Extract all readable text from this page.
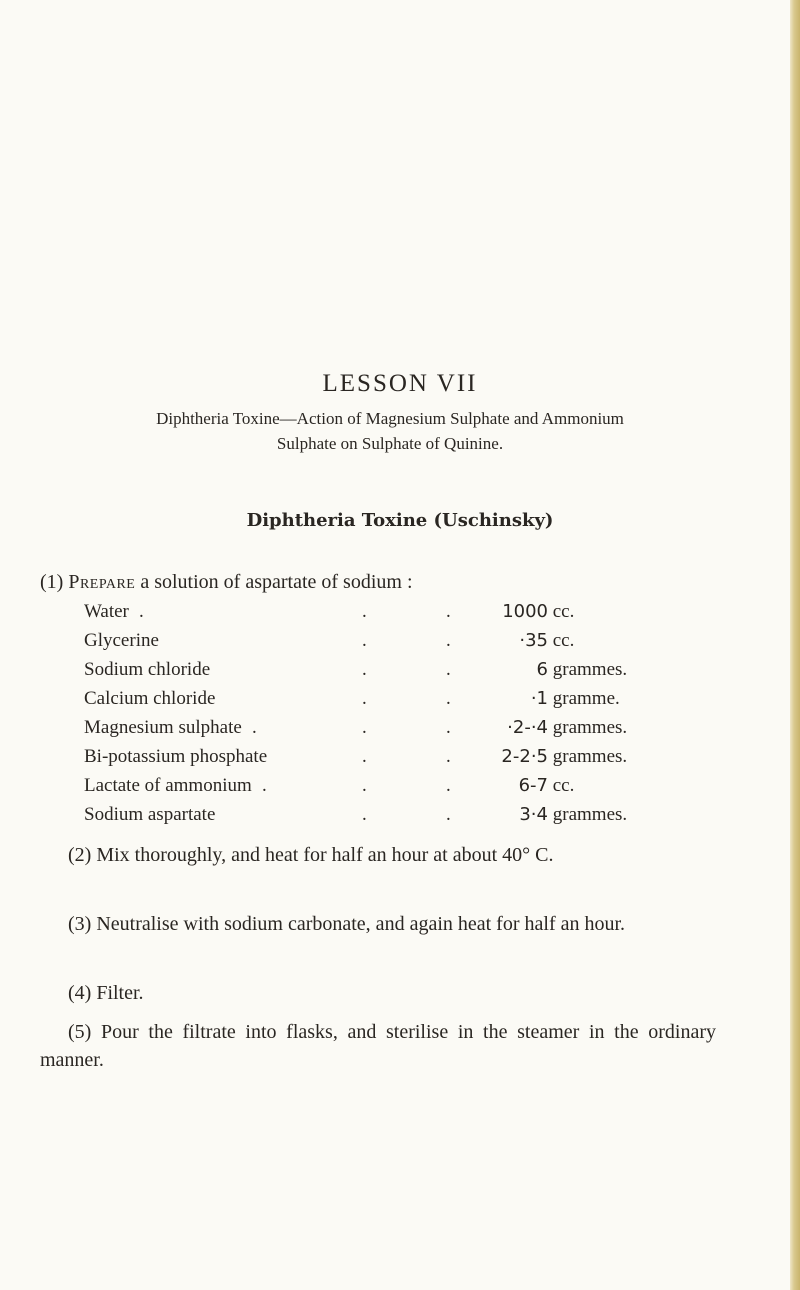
LESSON VII
Diphtheria Toxine—Action of Magnesium Sulphate and Ammonium
Sulphate on Sulphate of Quinine.
Diphtheria Toxine (Uschinsky)
(1) Prepare a solution of aspartate of sodium :
Water .	.	.	1000 cc.
Glycerine	.	.	·35 cc.
Sodium chloride	.	.	6 grammes.
Calcium chloride	.	.	·1 gramme.
Magnesium sulphate .	.	.	·2-·4 grammes.
Bi-potassium phosphate	.	.	2-2·5 grammes.
Lactate of ammonium .	.	.	6-7 cc.
Sodium aspartate	.	.	3·4 grammes.
(2) Mix thoroughly, and heat for half an hour at about 40° C.
(3) Neutralise with sodium carbonate, and again heat for half an hour.
(4) Filter.
(5) Pour the filtrate into flasks, and sterilise in the steamer in the ordinary manner.
